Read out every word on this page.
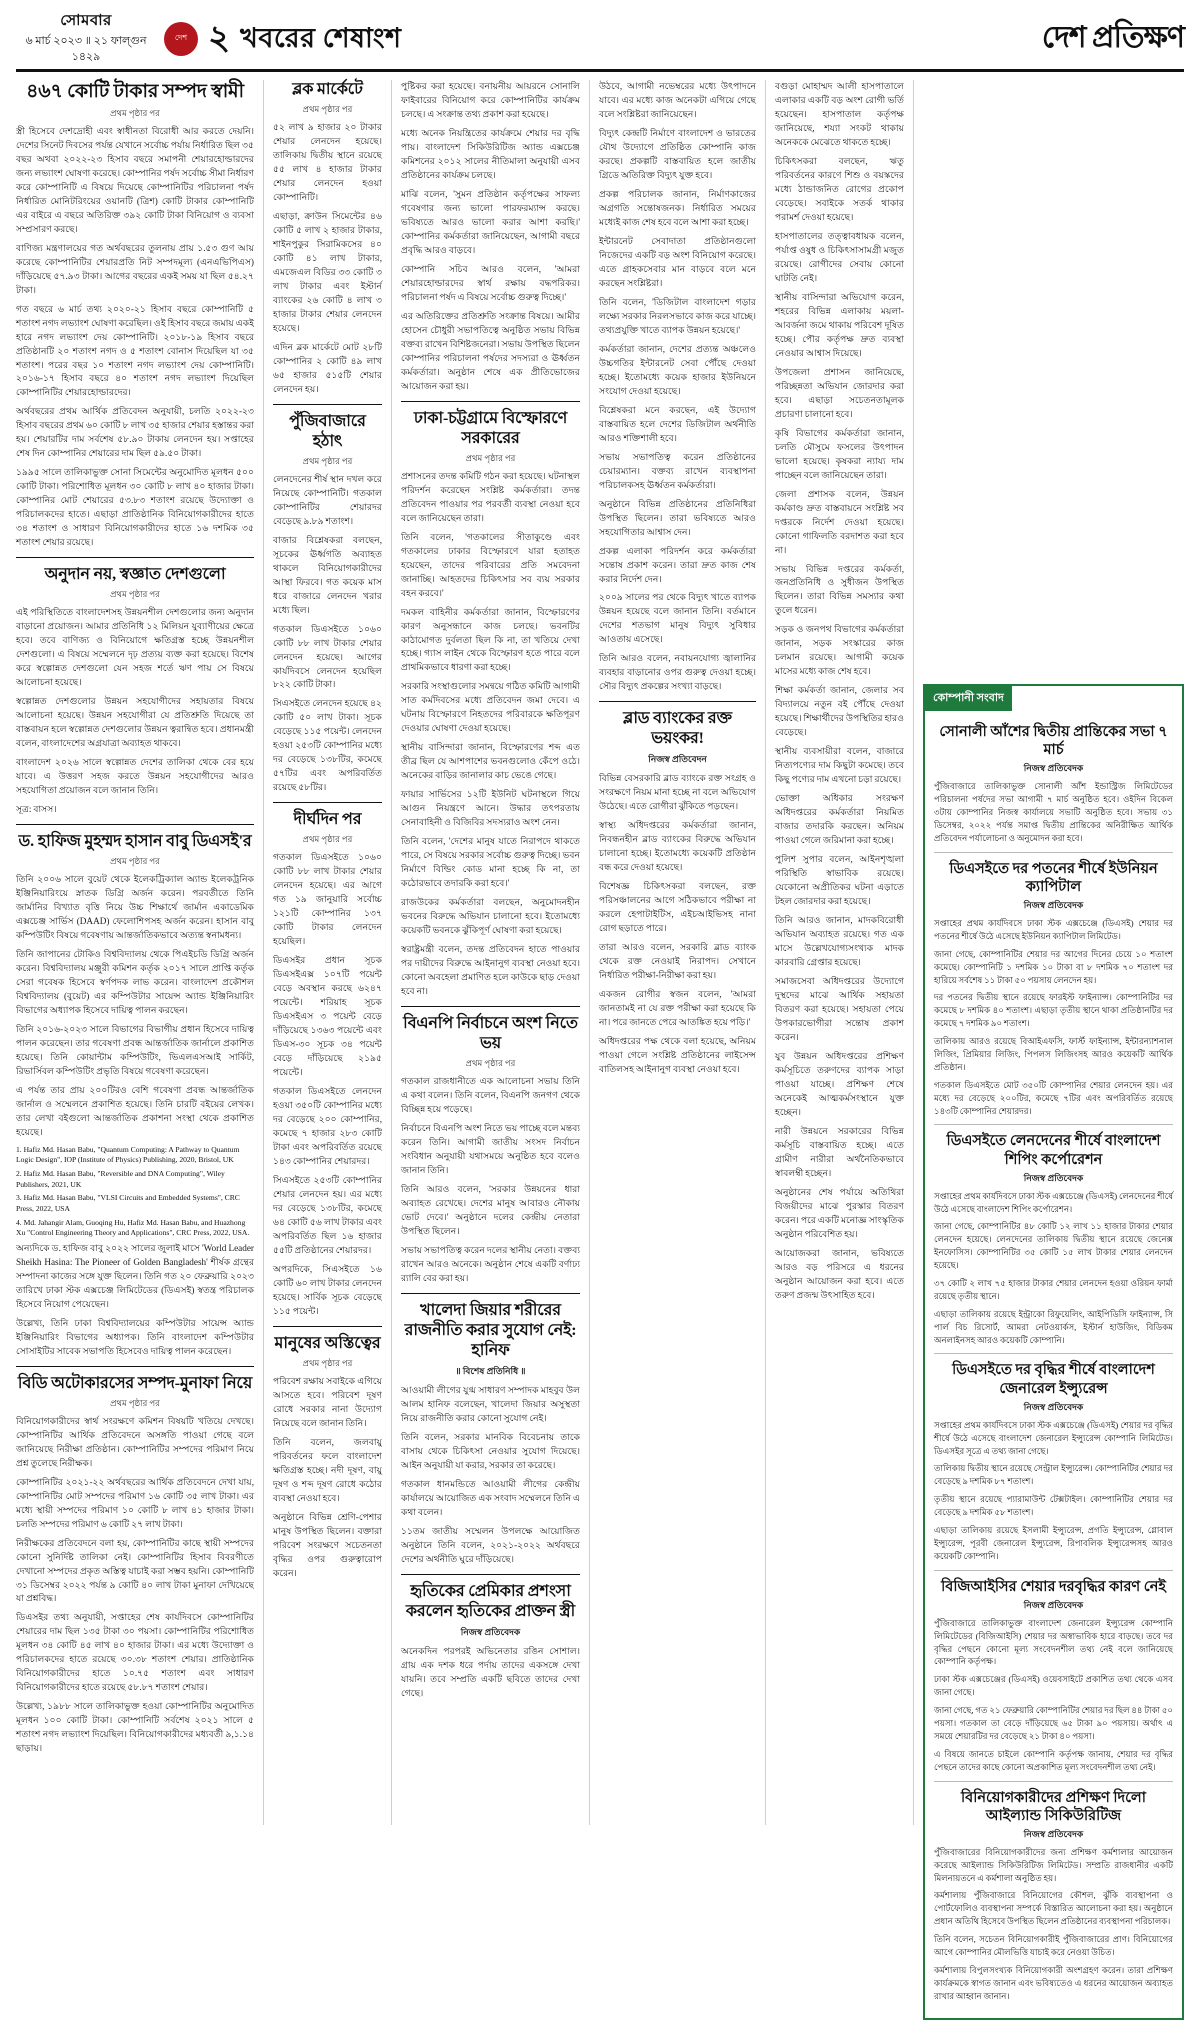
সোমবার
৬ মার্চ ২০২৩ ॥ ২১ ফাল্গুন ১৪২৯
দেশ ২ খবরের শেষাংশ	দেশ প্রতিক্ষণ
৪৬৭ কোটি টাকার সম্পদ স্বামী
প্রথম পৃষ্ঠার পর

স্ত্রী হিসেবে দেশদ্রোহী এবং স্বাধীনতা বিরোধী আর করতে দেয়নি। দেশের সিনেট দিবসের পর্যন্ত যেখানে সর্বোচ্চ পর্যায় নির্ধারিত ছিল ৩৫ বছর অথবা ২০২২-২৩ হিসাব বছরে সমাপনী শেয়ারহোল্ডারদের জন্য লভ্যাংশ ঘোষণা করেছে। কোম্পানির পর্ষদ সর্বোচ্চ সীমা নির্ধারণ করে কোম্পানিটি এ বিষয়ে দিয়েছে কোম্পানিটির পরিচালনা পর্ষদ নির্ধারিত মোনিটরিংয়ের ওয়ানটি (ত্রিশ) কোটি টাকার কোম্পানিটি এর বাইরে এ বছরে অতিরিক্ত ৩৯২ কোটি টাকা বিনিয়োগ ও ব্যবসা সম্প্রসারণ করছে।

বাণিজ্য মন্ত্রণালয়ের গত অর্থবছরের তুলনায় প্রায় ১.৫৩ গুণ আয় করেছে কোম্পানিটির শেয়ারপ্রতি নিট সম্পদমূল্য (এনএভিপিএস) দাঁড়িয়েছে ৫৭.৯৩ টাকা। আগের বছরের একই সময় যা ছিল ৫৪.২৭ টাকা।

গত বছরে ৬ মার্চ তথ্য ২০২০-২১ হিসাব বছরে কোম্পানিটি ৫ শতাংশ নগদ লভ্যাংশ ঘোষণা করেছিল। ওই হিসাব বছরে জমায় একই হারে নগদ লভ্যাংশ দেয় কোম্পানিটি। ২০১৮-১৯ হিসাব বছরে প্রতিষ্ঠানটি ২০ শতাংশ নগদ ও ৫ শতাংশ বোনাস দিয়েছিল যা ৩৫ শতাংশ। পরের বছর ১০ শতাংশ নগদ লভ্যাংশ দেয় কোম্পানিটি। ২০১৬-১৭ হিসাব বছরে ৪০ শতাংশ নগদ লভ্যাংশ দিয়েছিল কোম্পানিটির শেয়ারহোল্ডারদের।

অর্থবছরের প্রথম আর্থিক প্রতিবেদন অনুযায়ী, চলতি ২০২২-২৩ হিসাব বছরের প্রথম ৬০ কোটি ৮ লাখ ৩৫ হাজার শেয়ার হস্তান্তর করা হয়। শেয়ারটির দাম সর্বশেষ ৫৮.৯০ টাকায় লেনদেন হয়। সপ্তাহের শেষ দিন কোম্পানির শেয়ারের দাম ছিল ৫৯.৫০ টাকা।

১৯৯৫ সালে তালিকাভুক্ত সোনা সিমেন্টের অনুমোদিত মূলধন ৫০০ কোটি টাকা। পরিশোধিত মূলধন ৩০ কোটি ৮ লাখ ৪০ হাজার টাকা। কোম্পানির মোট শেয়ারের ৫৩.৮৩ শতাংশ রয়েছে উদ্যোক্তা ও পরিচালকদের হাতে। এছাড়া প্রাতিষ্ঠানিক বিনিয়োগকারীদের হাতে ৩৪ শতাংশ ও সাধারণ বিনিয়োগকারীদের হাতে ১৬ দশমিক ৩৫ শতাংশ শেয়ার রয়েছে।

অনুদান নয়, স্বজ্ঞাত দেশগুলো
প্রথম পৃষ্ঠার পর

এই পরিস্থিতিতে বাংলাদেশসহ উন্নয়নশীল দেশগুলোর জন্য অনুদান বাড়ানো প্রয়োজন। আমার প্রতিনিধি ১২ মিলিয়ন যুব্যাণীয়ের ক্ষেত্রে হবে। তবে বাণিজ্য ও বিনিয়োগে ক্ষতিগ্রস্ত হচ্ছে উন্নয়নশীল দেশগুলো। এ বিষয়ে সম্মেলনে দৃঢ় প্রত্যয় ব্যক্ত করা হয়েছে। বিশেষ করে স্বল্পোন্নত দেশগুলো যেন সহজ শর্তে ঋণ পায় সে বিষয়ে আলোচনা হয়েছে।

স্বল্পোন্নত দেশগুলোর উন্নয়ন সহযোগীদের সহায়তার বিষয়ে আলোচনা হয়েছে। উন্নয়ন সহযোগীরা যে প্রতিশ্রুতি দিয়েছে তা বাস্তবায়ন হলে স্বল্পোন্নত দেশগুলোর উন্নয়ন ত্বরান্বিত হবে। প্রধানমন্ত্রী বলেন, বাংলাদেশের অগ্রযাত্রা অব্যাহত থাকবে।

বাংলাদেশ ২০২৬ সালে স্বল্পোন্নত দেশের তালিকা থেকে বের হয়ে যাবে। এ উত্তরণ সহজ করতে উন্নয়ন সহযোগীদের আরও সহযোগিতা প্রয়োজন বলে জানান তিনি।

সূত্র: বাসস।

ড. হাফিজ মুহম্মদ হাসান বাবু ডিএসই'র
প্রথম পৃষ্ঠার পর

তিনি ২০০৬ সালে বুয়েট থেকে ইলেকট্রিক্যাল অ্যান্ড ইলেকট্রনিক ইঞ্জিনিয়ারিংয়ে স্নাতক ডিগ্রি অর্জন করেন। পরবর্তীতে তিনি জার্মানির বিখ্যাত বৃত্তি নিয়ে উচ্চ শিক্ষার্থে জার্মান একাডেমিক এক্সচেঞ্জ সার্ভিস (DAAD) ফেলোশিপসহ অর্জন করেন। হাসান বাবু কম্পিউটিং বিষয়ে গবেষণায় আন্তর্জাতিকভাবে অত্যন্ত স্বনামধন্য।

তিনি জাপানের টোকিও বিশ্ববিদ্যালয় থেকে পিএইচডি ডিগ্রি অর্জন করেন। বিশ্ববিদ্যালয় মঞ্জুরী কমিশন কর্তৃক ২০১৭ সালে প্রাপ্তি কর্তৃক সেরা গবেষক হিসেবে স্বর্ণপদক লাভ করেন। বাংলাদেশ প্রকৌশল বিশ্ববিদ্যালয় (বুয়েট) এর কম্পিউটার সায়েন্স অ্যান্ড ইঞ্জিনিয়ারিং বিভাগের অধ্যাপক হিসেবে দায়িত্ব পালন করছেন।

তিনি ২০১৬-২০২৩ সালে বিভাগের বিভাগীয় প্রধান হিসেবে দায়িত্ব পালন করেছেন। তার গবেষণা প্রবন্ধ আন্তর্জাতিক জার্নালে প্রকাশিত হয়েছে। তিনি কোয়ান্টাম কম্পিউটিং, ভিএলএসআই সার্কিট, রিভার্সিবল কম্পিউটিং প্রভৃতি বিষয়ে গবেষণা করেছেন।

এ পর্যন্ত তার প্রায় ২০০টিরও বেশি গবেষণা প্রবন্ধ আন্তর্জাতিক জার্নাল ও সম্মেলনে প্রকাশিত হয়েছে। তিনি চারটি বইয়ের লেখক। তার লেখা বইগুলো আন্তর্জাতিক প্রকাশনা সংস্থা থেকে প্রকাশিত হয়েছে।

1. Hafiz Md. Hasan Babu, "Quantum Computing: A Pathway to Quantum Logic Design", IOP (Institute of Physics) Publishing, 2020, Bristol, UK

2. Hafiz Md. Hasan Babu, "Reversible and DNA Computing", Wiley Publishers, 2021, UK

3. Hafiz Md. Hasan Babu, "VLSI Circuits and Embedded Systems", CRC Press, 2022, USA

4. Md. Jahangir Alam, Guoqing Hu, Hafiz Md. Hasan Babu, and Huazhong Xu "Control Engineering Theory and Applications", CRC Press, 2022, USA.

অন্যদিকে ড. হাফিজ বাবু ২০২২ সালের জুলাই মাসে 'World Leader Sheikh Hasina: The Pioneer of Golden Bangladesh' শীর্ষক গ্রন্থের সম্পাদনা কাজের সঙ্গে যুক্ত ছিলেন। তিনি গত ২০ ফেব্রুয়ারি ২০২৩ তারিখে ঢাকা স্টক এক্সচেঞ্জ লিমিটেডের (ডিএসই) স্বতন্ত্র পরিচালক হিসেবে নিয়োগ পেয়েছেন।

উল্লেখ্য, তিনি ঢাকা বিশ্ববিদ্যালয়ের কম্পিউটার সায়েন্স অ্যান্ড ইঞ্জিনিয়ারিং বিভাগের অধ্যাপক। তিনি বাংলাদেশ কম্পিউটার সোসাইটির সাবেক সভাপতি হিসেবেও দায়িত্ব পালন করেছেন।

বিডি অটোকারসের সম্পদ-মুনাফা নিয়ে
প্রথম পৃষ্ঠার পর

বিনিয়োগকারীদের স্বার্থ সংরক্ষণে কমিশন বিষয়টি খতিয়ে দেখছে। কোম্পানিটির আর্থিক প্রতিবেদনে অসঙ্গতি পাওয়া গেছে বলে জানিয়েছে নিরীক্ষা প্রতিষ্ঠান। কোম্পানিটির সম্পদের পরিমাণ নিয়ে প্রশ্ন তুলেছে নিরীক্ষক।

কোম্পানিটির ২০২১-২২ অর্থবছরের আর্থিক প্রতিবেদনে দেখা যায়, কোম্পানিটির মোট সম্পদের পরিমাণ ১৬ কোটি ৩৫ লাখ টাকা। এর মধ্যে স্থায়ী সম্পদের পরিমাণ ১০ কোটি ৮ লাখ ৪১ হাজার টাকা। চলতি সম্পদের পরিমাণ ৬ কোটি ২৭ লাখ টাকা।

নিরীক্ষকের প্রতিবেদনে বলা হয়, কোম্পানিটির কাছে স্থায়ী সম্পদের কোনো সুনির্দিষ্ট তালিকা নেই। কোম্পানিটির হিসাব বিবরণীতে দেখানো সম্পদের প্রকৃত অস্তিত্ব যাচাই করা সম্ভব হয়নি। কোম্পানিটি ৩১ ডিসেম্বর ২০২২ পর্যন্ত ৯ কোটি ৪০ লাখ টাকা মুনাফা দেখিয়েছে যা প্রশ্নবিদ্ধ।

ডিএসইর তথ্য অনুযায়ী, সপ্তাহের শেষ কার্যদিবসে কোম্পানিটির শেয়ারের দাম ছিল ১৩৫ টাকা ৩০ পয়সা। কোম্পানিটির পরিশোধিত মূলধন ৩৪ কোটি ৪৫ লাখ ৪০ হাজার টাকা। এর মধ্যে উদ্যোক্তা ও পরিচালকদের হাতে রয়েছে ৩০.৩৮ শতাংশ শেয়ার। প্রাতিষ্ঠানিক বিনিয়োগকারীদের হাতে ১০.৭৫ শতাংশ এবং সাধারণ বিনিয়োগকারীদের হাতে রয়েছে ৫৮.৮৭ শতাংশ শেয়ার।

উল্লেখ্য, ১৯৮৮ সালে তালিকাভুক্ত হওয়া কোম্পানিটির অনুমোদিত মূলধন ১০০ কোটি টাকা। কোম্পানিটি সর্বশেষ ২০২১ সালে ৫ শতাংশ নগদ লভ্যাংশ দিয়েছিল। বিনিয়োগকারীদের মধ্যবর্তী ৯,১.১৪ ছাড়ায়।

ব্লক মার্কেটে
প্রথম পৃষ্ঠার পর

৫২ লাখ ৯ হাজার ২০ টাকার শেয়ার লেনদেন হয়েছে। তালিকায় দ্বিতীয় স্থানে রয়েছে ৫৫ লাখ ৪ হাজার টাকার শেয়ার লেনদেন হওয়া কোম্পানিটি।

এছাড়া, ক্রাউন সিমেন্টের ৪৬ কোটি ৫ লাখ ২ হাজার টাকার, শাইনপুকুর সিরামিকসের ৪০ কোটি ৪১ লাখ টাকার, এমজেএল বিডির ৩৩ কোটি ৩ লাখ টাকার এবং ইস্টার্ন ব্যাংকের ২৬ কোটি ৪ লাখ ৩ হাজার টাকার শেয়ার লেনদেন হয়েছে।

এদিন ব্লক মার্কেটে মোট ২৮টি কোম্পানির ২ কোটি ৪৯ লাখ ৬৫ হাজার ৫১৫টি শেয়ার লেনদেন হয়।

পুঁজিবাজারে হঠাৎ
প্রথম পৃষ্ঠার পর

লেনদেনের শীর্ষ স্থান দখল করে নিয়েছে কোম্পানিটি। গতকাল কোম্পানিটির শেয়ারদর বেড়েছে ৯.৮৯ শতাংশ।

বাজার বিশ্লেষকরা বলছেন, সূচকের ঊর্ধ্বগতি অব্যাহত থাকলে বিনিয়োগকারীদের আস্থা ফিরবে। গত কয়েক মাস ধরে বাজারে লেনদেন খরার মধ্যে ছিল।

গতকাল ডিএসইতে ১০৬০ কোটি ৮৮ লাখ টাকার শেয়ার লেনদেন হয়েছে। আগের কার্যদিবসে লেনদেন হয়েছিল ৮২২ কোটি টাকা।

সিএসইতে লেনদেন হয়েছে ৪২ কোটি ৫০ লাখ টাকা। সূচক বেড়েছে ১১৫ পয়েন্ট। লেনদেন হওয়া ২৫৩টি কোম্পানির মধ্যে দর বেড়েছে ১৩৮টির, কমেছে ৫৭টির এবং অপরিবর্তিত রয়েছে ৫৮টির।

দীর্ঘদিন পর
প্রথম পৃষ্ঠার পর

গতকাল ডিএসইতে ১০৬০ কোটি ৮৮ লাখ টাকার শেয়ার লেনদেন হয়েছে। এর আগে গত ১৯ জানুয়ারি সর্বোচ্চ ১২১টি কোম্পানির ১৩৭ কোটি টাকার লেনদেন হয়েছিল।

ডিএসইর প্রধান সূচক ডিএসইএক্স ১০৭টি পয়েন্ট বেড়ে অবস্থান করছে ৬২৪৭ পয়েন্টে। শরিয়াহ সূচক ডিএসইএস ৩ পয়েন্ট বেড়ে দাঁড়িয়েছে ১৩৬৩ পয়েন্টে এবং ডিএস-৩০ সূচক ৩৪ পয়েন্ট বেড়ে দাঁড়িয়েছে ২১৯৫ পয়েন্টে।

গতকাল ডিএসইতে লেনদেন হওয়া ৩৫০টি কোম্পানির মধ্যে দর বেড়েছে ২০০ কোম্পানির, কমেছে ৭ হাজার ২৮৩ কোটি টাকা এবং অপরিবর্তিত রয়েছে ১৪৩ কোম্পানির শেয়ারদর।

সিএসইতে ২৫৩টি কোম্পানির শেয়ার লেনদেন হয়। এর মধ্যে দর বেড়েছে ১৩৮টির, কমেছে ৬৪ কোটি ৫৬ লাখ টাকার এবং অপরিবর্তিত ছিল ১৬ হাজার ৫৫টি প্রতিষ্ঠানের শেয়ারদর।

অপরদিকে, সিএসইতে ১৬ কোটি ৬০ লাখ টাকার লেনদেন হয়েছে। সার্বিক সূচক বেড়েছে ১১৫ পয়েন্ট।

মানুষের অস্তিত্বের
প্রথম পৃষ্ঠার পর

পরিবেশ রক্ষায় সবাইকে এগিয়ে আসতে হবে। পরিবেশ দূষণ রোধে সরকার নানা উদ্যোগ নিয়েছে বলে জানান তিনি।

তিনি বলেন, জলবায়ু পরিবর্তনের ফলে বাংলাদেশ ক্ষতিগ্রস্ত হচ্ছে। নদী দূষণ, বায়ু দূষণ ও শব্দ দূষণ রোধে কঠোর ব্যবস্থা নেওয়া হবে।

অনুষ্ঠানে বিভিন্ন শ্রেণি-পেশার মানুষ উপস্থিত ছিলেন। বক্তারা পরিবেশ সংরক্ষণে সচেতনতা বৃদ্ধির ওপর গুরুত্বারোপ করেন।

পুষ্টিকর করা হয়েছে। বনায়নীয় আয়রনে সোনালি ফাইবারের বিনিয়োগ করে কোম্পানিটির কার্যক্রম চলছে। এ সংক্রান্ত তথ্য প্রকাশ করা হয়েছে।

মধ্যে অনেক নিয়ন্ত্রিতের কার্যক্রমে শেয়ার দর বৃদ্ধি পায়। বাংলাদেশ সিকিউরিটিজ অ্যান্ড এক্সচেঞ্জ কমিশনের ২০১২ সালের নীতিমালা অনুযায়ী এসব প্রতিষ্ঠানের কার্যক্রম চলছে।

মাঝি বলেন, 'সুমন প্রতিষ্ঠান কর্তৃপক্ষের সাফল্য গবেষণার জন্য ভালো পারফরম্যান্স করছে। ভবিষ্যতে আরও ভালো করার আশা করছি।' কোম্পানির কর্মকর্তারা জানিয়েছেন, আগামী বছরে প্রবৃদ্ধি আরও বাড়বে।

কোম্পানি সচিব আরও বলেন, 'আমরা শেয়ারহোল্ডারদের স্বার্থ রক্ষায় বদ্ধপরিকর। পরিচালনা পর্ষদ এ বিষয়ে সর্বোচ্চ গুরুত্ব দিচ্ছে।'

এর অতিরিক্তের প্রতিশ্রুতি সংক্রান্ত বিষয়ে। আমীর হোসেন চৌধুরী সভাপতিত্বে অনুষ্ঠিত সভায় বিভিন্ন বক্তব্য রাখেন বিশিষ্টজনেরা। সভায় উপস্থিত ছিলেন কোম্পানির পরিচালনা পর্ষদের সদস্যরা ও ঊর্ধ্বতন কর্মকর্তারা। অনুষ্ঠান শেষে এক প্রীতিভোজের আয়োজন করা হয়।

ঢাকা-চট্টগ্রামে বিস্ফোরণে সরকারের
প্রথম পৃষ্ঠার পর

প্রশাসনের তদন্ত কমিটি গঠন করা হয়েছে। ঘটনাস্থল পরিদর্শন করেছেন সংশ্লিষ্ট কর্মকর্তারা। তদন্ত প্রতিবেদন পাওয়ার পর পরবর্তী ব্যবস্থা নেওয়া হবে বলে জানিয়েছেন তারা।

তিনি বলেন, 'গতকালের সীতাকুণ্ডে এবং গতকালের ঢাকার বিস্ফোরণে যারা হতাহত হয়েছেন, তাদের পরিবারের প্রতি সমবেদনা জানাচ্ছি। আহতদের চিকিৎসার সব ব্যয় সরকার বহন করবে।'

দমকল বাহিনীর কর্মকর্তারা জানান, বিস্ফোরণের কারণ অনুসন্ধানে কাজ চলছে। ভবনটির কাঠামোগত দুর্বলতা ছিল কি না, তা খতিয়ে দেখা হচ্ছে। গ্যাস লাইন থেকে বিস্ফোরণ হতে পারে বলে প্রাথমিকভাবে ধারণা করা হচ্ছে।

সরকারি সংস্থাগুলোর সমন্বয়ে গঠিত কমিটি আগামী সাত কর্মদিবসের মধ্যে প্রতিবেদন জমা দেবে। এ ঘটনায় বিস্ফোরণে নিহতদের পরিবারকে ক্ষতিপূরণ দেওয়ার ঘোষণা দেওয়া হয়েছে।

স্থানীয় বাসিন্দারা জানান, বিস্ফোরণের শব্দ এত তীব্র ছিল যে আশপাশের ভবনগুলোও কেঁপে ওঠে। অনেকের বাড়ির জানালার কাচ ভেঙে গেছে।

ফায়ার সার্ভিসের ১২টি ইউনিট ঘটনাস্থলে গিয়ে আগুন নিয়ন্ত্রণে আনে। উদ্ধার তৎপরতায় সেনাবাহিনী ও বিজিবির সদস্যরাও অংশ নেন।

তিনি বলেন, 'দেশের মানুষ যাতে নিরাপদে থাকতে পারে, সে বিষয়ে সরকার সর্বোচ্চ গুরুত্ব দিচ্ছে। ভবন নির্মাণে বিল্ডিং কোড মানা হচ্ছে কি না, তা কঠোরভাবে তদারকি করা হবে।'

রাজউকের কর্মকর্তারা বলছেন, অনুমোদনহীন ভবনের বিরুদ্ধে অভিযান চালানো হবে। ইতোমধ্যে কয়েকটি ভবনকে ঝুঁকিপূর্ণ ঘোষণা করা হয়েছে।

স্বরাষ্ট্রমন্ত্রী বলেন, তদন্ত প্রতিবেদন হাতে পাওয়ার পর দায়ীদের বিরুদ্ধে আইনানুগ ব্যবস্থা নেওয়া হবে। কোনো অবহেলা প্রমাণিত হলে কাউকে ছাড় দেওয়া হবে না।

বিএনপি নির্বাচনে অংশ নিতে ভয়
প্রথম পৃষ্ঠার পর

গতকাল রাজধানীতে এক আলোচনা সভায় তিনি এ কথা বলেন। তিনি বলেন, বিএনপি জনগণ থেকে বিচ্ছিন্ন হয়ে পড়েছে।

নির্বাচনে বিএনপি অংশ নিতে ভয় পাচ্ছে বলে মন্তব্য করেন তিনি। আগামী জাতীয় সংসদ নির্বাচন সংবিধান অনুযায়ী যথাসময়ে অনুষ্ঠিত হবে বলেও জানান তিনি।

তিনি আরও বলেন, 'সরকার উন্নয়নের ধারা অব্যাহত রেখেছে। দেশের মানুষ আবারও নৌকায় ভোট দেবে।' অনুষ্ঠানে দলের কেন্দ্রীয় নেতারা উপস্থিত ছিলেন।

সভায় সভাপতিত্ব করেন দলের স্থানীয় নেতা। বক্তব্য রাখেন আরও অনেকে। অনুষ্ঠান শেষে একটি বর্ণাঢ্য র‍্যালি বের করা হয়।

খালেদা জিয়ার শরীরের রাজনীতি করার সুযোগ নেই: হানিফ
॥ বিশেষ প্রতিনিধি ॥

আওয়ামী লীগের যুগ্ম সাধারণ সম্পাদক মাহবুব উল আলম হানিফ বলেছেন, খালেদা জিয়ার অসুস্থতা নিয়ে রাজনীতি করার কোনো সুযোগ নেই।

তিনি বলেন, সরকার মানবিক বিবেচনায় তাকে বাসায় থেকে চিকিৎসা নেওয়ার সুযোগ দিয়েছে। আইন অনুযায়ী যা করার, সরকার তা করেছে।

গতকাল ধানমন্ডিতে আওয়ামী লীগের কেন্দ্রীয় কার্যালয়ে আয়োজিত এক সংবাদ সম্মেলনে তিনি এ কথা বলেন।

১১তম জাতীয় সম্মেলন উপলক্ষে আয়োজিত অনুষ্ঠানে তিনি বলেন, ২০২১-২০২২ অর্থবছরে দেশের অর্থনীতি ঘুরে দাঁড়িয়েছে।

হৃতিকের প্রেমিকার প্রশংসা করলেন হৃতিকের প্রাক্তন স্ত্রী
নিজস্ব প্রতিবেদক

অনেকদিন পরপরই অভিনেতার রঙিন সোশাল। গ্রায় এক দশক ধরে পর্দায় তাদের একসঙ্গে দেখা যায়নি। তবে সম্প্রতি একটি ছবিতে তাদের দেখা গেছে।

উঠবে, আগামী নভেম্বরের মধ্যে উৎপাদনে যাবে। এর মধ্যে কাজ অনেকটা এগিয়ে গেছে বলে সংশ্লিষ্টরা জানিয়েছেন।

বিদ্যুৎ কেন্দ্রটি নির্মাণে বাংলাদেশ ও ভারতের যৌথ উদ্যোগে প্রতিষ্ঠিত কোম্পানি কাজ করছে। প্রকল্পটি বাস্তবায়িত হলে জাতীয় গ্রিডে অতিরিক্ত বিদ্যুৎ যুক্ত হবে।

প্রকল্প পরিচালক জানান, নির্মাণকাজের অগ্রগতি সন্তোষজনক। নির্ধারিত সময়ের মধ্যেই কাজ শেষ হবে বলে আশা করা হচ্ছে।

ইন্টারনেট সেবাদাতা প্রতিষ্ঠানগুলো নিজেদের একটি বড় অংশ বিনিয়োগ করেছে। এতে গ্রাহকসেবার মান বাড়বে বলে মনে করছেন সংশ্লিষ্টরা।

তিনি বলেন, 'ডিজিটাল বাংলাদেশ গড়ার লক্ষ্যে সরকার নিরলসভাবে কাজ করে যাচ্ছে। তথ্যপ্রযুক্তি খাতে ব্যাপক উন্নয়ন হয়েছে।'

কর্মকর্তারা জানান, দেশের প্রত্যন্ত অঞ্চলেও উচ্চগতির ইন্টারনেট সেবা পৌঁছে দেওয়া হচ্ছে। ইতোমধ্যে কয়েক হাজার ইউনিয়নে সংযোগ দেওয়া হয়েছে।

বিশ্লেষকরা মনে করছেন, এই উদ্যোগ বাস্তবায়িত হলে দেশের ডিজিটাল অর্থনীতি আরও শক্তিশালী হবে।

সভায় সভাপতিত্ব করেন প্রতিষ্ঠানের চেয়ারম্যান। বক্তব্য রাখেন ব্যবস্থাপনা পরিচালকসহ ঊর্ধ্বতন কর্মকর্তারা।

অনুষ্ঠানে বিভিন্ন প্রতিষ্ঠানের প্রতিনিধিরা উপস্থিত ছিলেন। তারা ভবিষ্যতে আরও সহযোগিতার আশ্বাস দেন।

প্রকল্প এলাকা পরিদর্শন করে কর্মকর্তারা সন্তোষ প্রকাশ করেন। তারা দ্রুত কাজ শেষ করার নির্দেশ দেন।

২০০৯ সালের পর থেকে বিদ্যুৎ খাতে ব্যাপক উন্নয়ন হয়েছে বলে জানান তিনি। বর্তমানে দেশের শতভাগ মানুষ বিদ্যুৎ সুবিধার আওতায় এসেছে।

তিনি আরও বলেন, নবায়নযোগ্য জ্বালানির ব্যবহার বাড়ানোর ওপর গুরুত্ব দেওয়া হচ্ছে। সৌর বিদ্যুৎ প্রকল্পের সংখ্যা বাড়ছে।

ব্লাড ব্যাংকের রক্ত ভয়ংকর!
নিজস্ব প্রতিবেদন

বিভিন্ন বেসরকারি ব্লাড ব্যাংকে রক্ত সংগ্রহ ও সংরক্ষণে নিয়ম মানা হচ্ছে না বলে অভিযোগ উঠেছে। এতে রোগীরা ঝুঁকিতে পড়ছেন।

স্বাস্থ্য অধিদপ্তরের কর্মকর্তারা জানান, নিবন্ধনহীন ব্লাড ব্যাংকের বিরুদ্ধে অভিযান চালানো হচ্ছে। ইতোমধ্যে কয়েকটি প্রতিষ্ঠান বন্ধ করে দেওয়া হয়েছে।

বিশেষজ্ঞ চিকিৎসকরা বলছেন, রক্ত পরিসঞ্চালনের আগে সঠিকভাবে পরীক্ষা না করলে হেপাটাইটিস, এইচআইভিসহ নানা রোগ ছড়াতে পারে।

তারা আরও বলেন, সরকারি ব্লাড ব্যাংক থেকে রক্ত নেওয়াই নিরাপদ। সেখানে নির্ধারিত পরীক্ষা-নিরীক্ষা করা হয়।

একজন রোগীর স্বজন বলেন, 'আমরা জানতামই না যে রক্ত পরীক্ষা করা হয়েছে কি না। পরে জানতে পেরে আতঙ্কিত হয়ে পড়ি।'

অধিদপ্তরের পক্ষ থেকে বলা হয়েছে, অনিয়ম পাওয়া গেলে সংশ্লিষ্ট প্রতিষ্ঠানের লাইসেন্স বাতিলসহ আইনানুগ ব্যবস্থা নেওয়া হবে।

বগুড়া মোহাম্মদ আলী হাসপাতালে এলাকার একটি বড় অংশ রোগী ভর্তি হয়েছেন। হাসপাতাল কর্তৃপক্ষ জানিয়েছে, শয্যা সংকট থাকায় অনেককে মেঝেতে থাকতে হচ্ছে।

চিকিৎসকরা বলছেন, ঋতু পরিবর্তনের কারণে শিশু ও বয়স্কদের মধ্যে ঠান্ডাজনিত রোগের প্রকোপ বেড়েছে। সবাইকে সতর্ক থাকার পরামর্শ দেওয়া হয়েছে।

হাসপাতালের তত্ত্বাবধায়ক বলেন, পর্যাপ্ত ওষুধ ও চিকিৎসাসামগ্রী মজুত রয়েছে। রোগীদের সেবায় কোনো ঘাটতি নেই।

স্থানীয় বাসিন্দারা অভিযোগ করেন, শহরের বিভিন্ন এলাকায় ময়লা-আবর্জনা জমে থাকায় পরিবেশ দূষিত হচ্ছে। পৌর কর্তৃপক্ষ দ্রুত ব্যবস্থা নেওয়ার আশ্বাস দিয়েছে।

উপজেলা প্রশাসন জানিয়েছে, পরিচ্ছন্নতা অভিযান জোরদার করা হবে। এছাড়া সচেতনতামূলক প্রচারণা চালানো হবে।

কৃষি বিভাগের কর্মকর্তারা জানান, চলতি মৌসুমে ফসলের উৎপাদন ভালো হয়েছে। কৃষকরা ন্যায্য দাম পাচ্ছেন বলে জানিয়েছেন তারা।

জেলা প্রশাসক বলেন, উন্নয়ন কর্মকাণ্ড দ্রুত বাস্তবায়নে সংশ্লিষ্ট সব দপ্তরকে নির্দেশ দেওয়া হয়েছে। কোনো গাফিলতি বরদাশত করা হবে না।

সভায় বিভিন্ন দপ্তরের কর্মকর্তা, জনপ্রতিনিধি ও সুধীজন উপস্থিত ছিলেন। তারা বিভিন্ন সমস্যার কথা তুলে ধরেন।

সড়ক ও জনপথ বিভাগের কর্মকর্তারা জানান, সড়ক সংস্কারের কাজ চলমান রয়েছে। আগামী কয়েক মাসের মধ্যে কাজ শেষ হবে।

শিক্ষা কর্মকর্তা জানান, জেলার সব বিদ্যালয়ে নতুন বই পৌঁছে দেওয়া হয়েছে। শিক্ষার্থীদের উপস্থিতির হারও বেড়েছে।

স্থানীয় ব্যবসায়ীরা বলেন, বাজারে নিত্যপণ্যের দাম কিছুটা কমেছে। তবে কিছু পণ্যের দাম এখনো চড়া রয়েছে।

ভোক্তা অধিকার সংরক্ষণ অধিদপ্তরের কর্মকর্তারা নিয়মিত বাজার তদারকি করছেন। অনিয়ম পাওয়া গেলে জরিমানা করা হচ্ছে।

পুলিশ সুপার বলেন, আইনশৃঙ্খলা পরিস্থিতি স্বাভাবিক রয়েছে। যেকোনো অপ্রীতিকর ঘটনা এড়াতে টহল জোরদার করা হয়েছে।

তিনি আরও জানান, মাদকবিরোধী অভিযান অব্যাহত রয়েছে। গত এক মাসে উল্লেখযোগ্যসংখ্যক মাদক কারবারি গ্রেপ্তার হয়েছে।

সমাজসেবা অধিদপ্তরের উদ্যোগে দুস্থদের মাঝে আর্থিক সহায়তা বিতরণ করা হয়েছে। সহায়তা পেয়ে উপকারভোগীরা সন্তোষ প্রকাশ করেন।

যুব উন্নয়ন অধিদপ্তরের প্রশিক্ষণ কর্মসূচিতে তরুণদের ব্যাপক সাড়া পাওয়া যাচ্ছে। প্রশিক্ষণ শেষে অনেকেই আত্মকর্মসংস্থানে যুক্ত হচ্ছেন।

নারী উন্নয়নে সরকারের বিভিন্ন কর্মসূচি বাস্তবায়িত হচ্ছে। এতে গ্রামীণ নারীরা অর্থনৈতিকভাবে স্বাবলম্বী হচ্ছেন।

অনুষ্ঠানের শেষ পর্যায়ে অতিথিরা বিজয়ীদের মাঝে পুরস্কার বিতরণ করেন। পরে একটি মনোজ্ঞ সাংস্কৃতিক অনুষ্ঠান পরিবেশিত হয়।

আয়োজকরা জানান, ভবিষ্যতে আরও বড় পরিসরে এ ধরনের অনুষ্ঠান আয়োজন করা হবে। এতে তরুণ প্রজন্ম উৎসাহিত হবে।

কোম্পানী সংবাদ
সোনালী আঁশের দ্বিতীয় প্রান্তিকের সভা ৭ মার্চ
নিজস্ব প্রতিবেদক

পুঁজিবাজারে তালিকাভুক্ত সোনালী আঁশ ইন্ডাস্ট্রিজ লিমিটেডের পরিচালনা পর্ষদের সভা আগামী ৭ মার্চ অনুষ্ঠিত হবে। ওইদিন বিকেল ৩টায় কোম্পানির নিজস্ব কার্যালয়ে সভাটি অনুষ্ঠিত হবে। সভায় ৩১ ডিসেম্বর, ২০২২ পর্যন্ত সমাপ্ত দ্বিতীয় প্রান্তিকের অনিরীক্ষিত আর্থিক প্রতিবেদন পর্যালোচনা ও অনুমোদন করা হবে।

ডিএসইতে দর পতনের শীর্ষে ইউনিয়ন ক্যাপিটাল
নিজস্ব প্রতিবেদক

সপ্তাহের প্রথম কার্যদিবসে ঢাকা স্টক এক্সচেঞ্জে (ডিএসই) শেয়ার দর পতনের শীর্ষে উঠে এসেছে ইউনিয়ন ক্যাপিটাল লিমিটেড।

জানা গেছে, কোম্পানিটির শেয়ার দর আগের দিনের চেয়ে ১০ শতাংশ কমেছে। কোম্পানিটি ১ দশমিক ১০ টাকা বা ৮ দশমিক ৭০ শতাংশ দর হারিয়ে সর্বশেষ ১১ টাকা ৫০ পয়সায় লেনদেন হয়।

দর পতনের দ্বিতীয় স্থানে রয়েছে ফারইস্ট ফাইন্যান্স। কোম্পানিটির দর কমেছে ৮ দশমিক ৪০ শতাংশ। এছাড়া তৃতীয় স্থানে থাকা প্রতিষ্ঠানটির দর কমেছে ৭ দশমিক ৯০ শতাংশ।

তালিকায় আরও রয়েছে বিআইএফসি, ফার্স্ট ফাইন্যান্স, ইন্টারন্যাশনাল লিজিং, প্রিমিয়ার লিজিং, পিপলস লিজিংসহ আরও কয়েকটি আর্থিক প্রতিষ্ঠান।

গতকাল ডিএসইতে মোট ৩৫০টি কোম্পানির শেয়ার লেনদেন হয়। এর মধ্যে দর বেড়েছে ২০০টির, কমেছে ৭টির এবং অপরিবর্তিত রয়েছে ১৪৩টি কোম্পানির শেয়ারদর।

ডিএসইতে লেনদেনের শীর্ষে বাংলাদেশ শিপিং কর্পোরেশন
নিজস্ব প্রতিবেদক

সপ্তাহের প্রথম কার্যদিবসে ঢাকা স্টক এক্সচেঞ্জে (ডিএসই) লেনদেনের শীর্ষে উঠে এসেছে বাংলাদেশ শিপিং কর্পোরেশন।

জানা গেছে, কোম্পানিটির ৪৮ কোটি ১২ লাখ ১১ হাজার টাকার শেয়ার লেনদেন হয়েছে। লেনদেনের তালিকায় দ্বিতীয় স্থানে রয়েছে জেনেক্স ইনফোসিস। কোম্পানিটির ৩৫ কোটি ১৫ লাখ টাকার শেয়ার লেনদেন হয়েছে।

৩৭ কোটি ২ লাখ ৭৫ হাজার টাকার শেয়ার লেনদেন হওয়া ওরিয়ন ফার্মা রয়েছে তৃতীয় স্থানে।

এছাড়া তালিকায় রয়েছে ইন্ট্রাকো রিফুয়েলিং, আইপিডিসি ফাইন্যান্স, সি পার্ল বিচ রিসোর্ট, আমরা নেটওয়ার্কস, ইস্টার্ন হাউজিং, বিডিকম অনলাইনসহ আরও কয়েকটি কোম্পানি।

ডিএসইতে দর বৃদ্ধির শীর্ষে বাংলাদেশ জেনারেল ইন্স্যুরেন্স
নিজস্ব প্রতিবেদক

সপ্তাহের প্রথম কার্যদিবসে ঢাকা স্টক এক্সচেঞ্জে (ডিএসই) শেয়ার দর বৃদ্ধির শীর্ষে উঠে এসেছে বাংলাদেশ জেনারেল ইন্স্যুরেন্স কোম্পানি লিমিটেড। ডিএসইর সূত্রে এ তথ্য জানা গেছে।

তালিকায় দ্বিতীয় স্থানে রয়েছে সেন্ট্রাল ইন্স্যুরেন্স। কোম্পানিটির শেয়ার দর বেড়েছে ৯ দশমিক ৮৭ শতাংশ।

তৃতীয় স্থানে রয়েছে প্যারামাউন্ট টেক্সটাইল। কোম্পানিটির শেয়ার দর বেড়েছে ৯ দশমিক ৫৮ শতাংশ।

এছাড়া তালিকায় রয়েছে ইসলামী ইন্স্যুরেন্স, প্রগতি ইন্স্যুরেন্স, গ্লোবাল ইন্স্যুরেন্স, পূরবী জেনারেল ইন্স্যুরেন্স, রিপাবলিক ইন্স্যুরেন্সসহ আরও কয়েকটি কোম্পানি।

বিজিআইসির শেয়ার দরবৃদ্ধির কারণ নেই
নিজস্ব প্রতিবেদক

পুঁজিবাজারে তালিকাভুক্ত বাংলাদেশ জেনারেল ইন্স্যুরেন্স কোম্পানি লিমিটেডের (বিজিআইসি) শেয়ার দর অস্বাভাবিক হারে বাড়ছে। তবে দর বৃদ্ধির পেছনে কোনো মূল্য সংবেদনশীল তথ্য নেই বলে জানিয়েছে কোম্পানি কর্তৃপক্ষ।

ঢাকা স্টক এক্সচেঞ্জের (ডিএসই) ওয়েবসাইটে প্রকাশিত তথ্য থেকে এসব জানা গেছে।

জানা গেছে, গত ২১ ফেব্রুয়ারি কোম্পানিটির শেয়ার দর ছিল ৪৪ টাকা ৫০ পয়সা। গতকাল তা বেড়ে দাঁড়িয়েছে ৬৫ টাকা ৯০ পয়সায়। অর্থাৎ এ সময়ে শেয়ারটির দর বেড়েছে ২১ টাকা ৪০ পয়সা।

এ বিষয়ে জানতে চাইলে কোম্পানি কর্তৃপক্ষ জানায়, শেয়ার দর বৃদ্ধির পেছনে তাদের কাছে কোনো অপ্রকাশিত মূল্য সংবেদনশীল তথ্য নেই।

বিনিয়োগকারীদের প্রশিক্ষণ দিলো আইল্যান্ড সিকিউরিটিজ
নিজস্ব প্রতিবেদক

পুঁজিবাজারের বিনিয়োগকারীদের জন্য প্রশিক্ষণ কর্মশালার আয়োজন করেছে আইল্যান্ড সিকিউরিটিজ লিমিটেড। সম্প্রতি রাজধানীর একটি মিলনায়তনে এ কর্মশালা অনুষ্ঠিত হয়।

কর্মশালায় পুঁজিবাজারে বিনিয়োগের কৌশল, ঝুঁকি ব্যবস্থাপনা ও পোর্টফোলিও ব্যবস্থাপনা সম্পর্কে বিস্তারিত আলোচনা করা হয়। অনুষ্ঠানে প্রধান অতিথি হিসেবে উপস্থিত ছিলেন প্রতিষ্ঠানের ব্যবস্থাপনা পরিচালক।

তিনি বলেন, সচেতন বিনিয়োগকারীই পুঁজিবাজারের প্রাণ। বিনিয়োগের আগে কোম্পানির মৌলভিত্তি যাচাই করে নেওয়া উচিত।

কর্মশালায় বিপুলসংখ্যক বিনিয়োগকারী অংশগ্রহণ করেন। তারা প্রশিক্ষণ কার্যক্রমকে স্বাগত জানান এবং ভবিষ্যতেও এ ধরনের আয়োজন অব্যাহত রাখার আহ্বান জানান।
